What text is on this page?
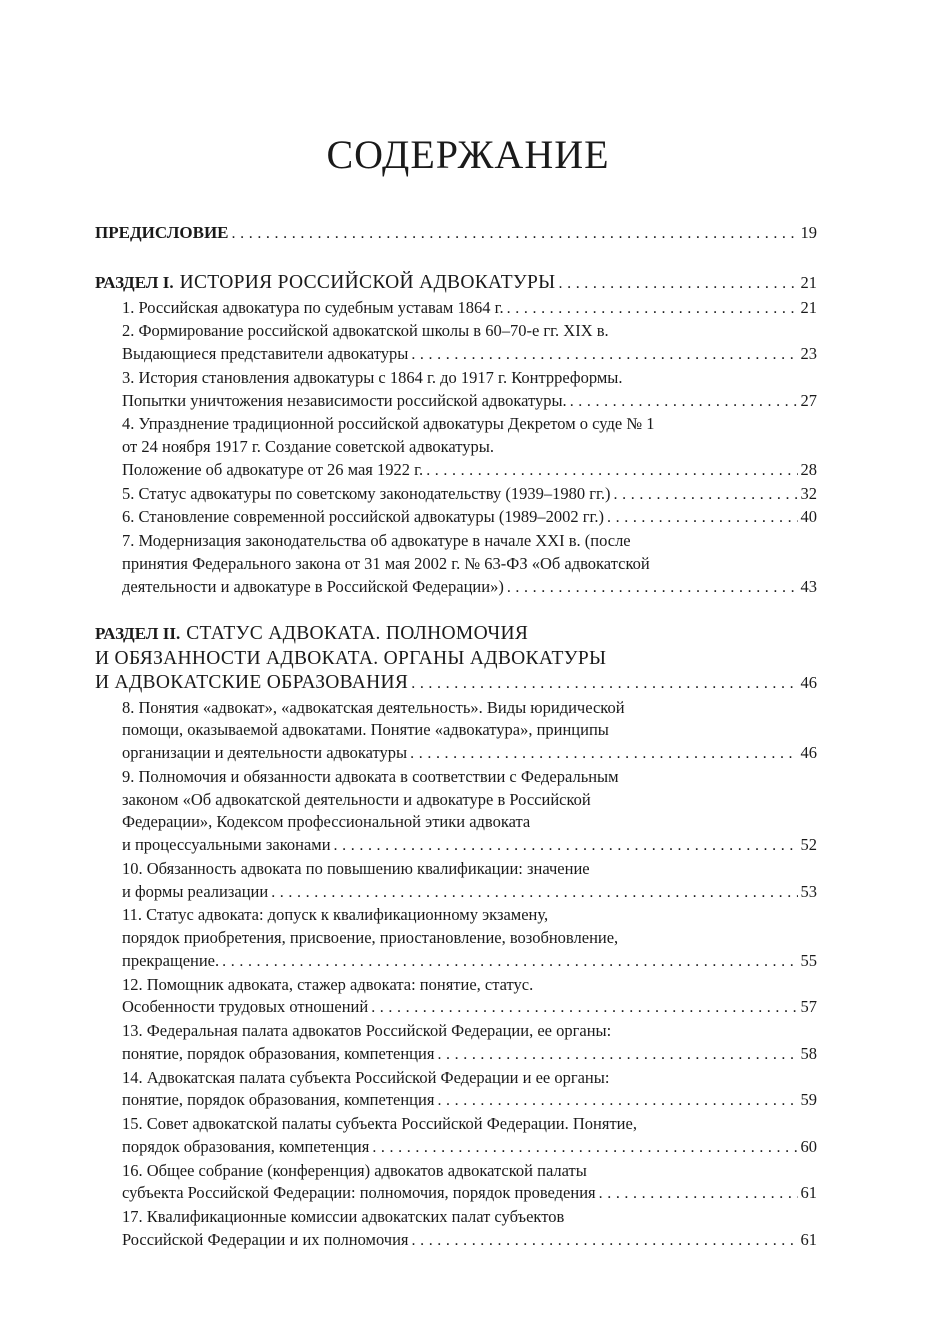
СОДЕРЖАНИЕ
ПРЕДИСЛОВИЕ .....	19
РАЗДЕЛ I. ИСТОРИЯ РОССИЙСКОЙ АДВОКАТУРЫ .....	21
1. Российская адвокатура по судебным уставам 1864 г. .....	21
2. Формирование российской адвокатской школы в 60–70-е гг. XIX в.
Выдающиеся представители адвокатуры .....	23
3. История становления адвокатуры с 1864 г. до 1917 г. Контрреформы.
Попытки уничтожения независимости российской адвокатуры. .....	27
4. Упразднение традиционной российской адвокатуры Декретом о суде № 1
от 24 ноября 1917 г. Создание советской адвокатуры.
Положение об адвокатуре от 26 мая 1922 г. .....	28
5. Статус адвокатуры по советскому законодательству (1939–1980 гг.) .....	32
6. Становление современной российской адвокатуры (1989–2002 гг.) .....	40
7. Модернизация законодательства об адвокатуре в начале XXI в. (после
принятия Федерального закона от 31 мая 2002 г. № 63-ФЗ «Об адвокатской
деятельности и адвокатуре в Российской Федерации») .....	43
РАЗДЕЛ II. СТАТУС АДВОКАТА. ПОЛНОМОЧИЯ
И ОБЯЗАННОСТИ АДВОКАТА. ОРГАНЫ АДВОКАТУРЫ
И АДВОКАТСКИЕ ОБРАЗОВАНИЯ .....	46
8. Понятия «адвокат», «адвокатская деятельность». Виды юридической
помощи, оказываемой адвокатами. Понятие «адвокатура», принципы
организации и деятельности адвокатуры .....	46
9. Полномочия и обязанности адвоката в соответствии с Федеральным
законом «Об адвокатской деятельности и адвокатуре в Российской
Федерации», Кодексом профессиональной этики адвоката
и процессуальными законами .....	52
10. Обязанность адвоката по повышению квалификации: значение
и формы реализации .....	53
11. Статус адвоката: допуск к квалификационному экзамену,
порядок приобретения, присвоение, приостановление, возобновление,
прекращение. .....	55
12. Помощник адвоката, стажер адвоката: понятие, статус.
Особенности трудовых отношений .....	57
13. Федеральная палата адвокатов Российской Федерации, ее органы:
понятие, порядок образования, компетенция .....	58
14. Адвокатская палата субъекта Российской Федерации и ее органы:
понятие, порядок образования, компетенция .....	59
15. Совет адвокатской палаты субъекта Российской Федерации. Понятие,
порядок образования, компетенция .....	60
16. Общее собрание (конференция) адвокатов адвокатской палаты
субъекта Российской Федерации: полномочия, порядок проведения .....	61
17. Квалификационные комиссии адвокатских палат субъектов
Российской Федерации и их полномочия .....	61
